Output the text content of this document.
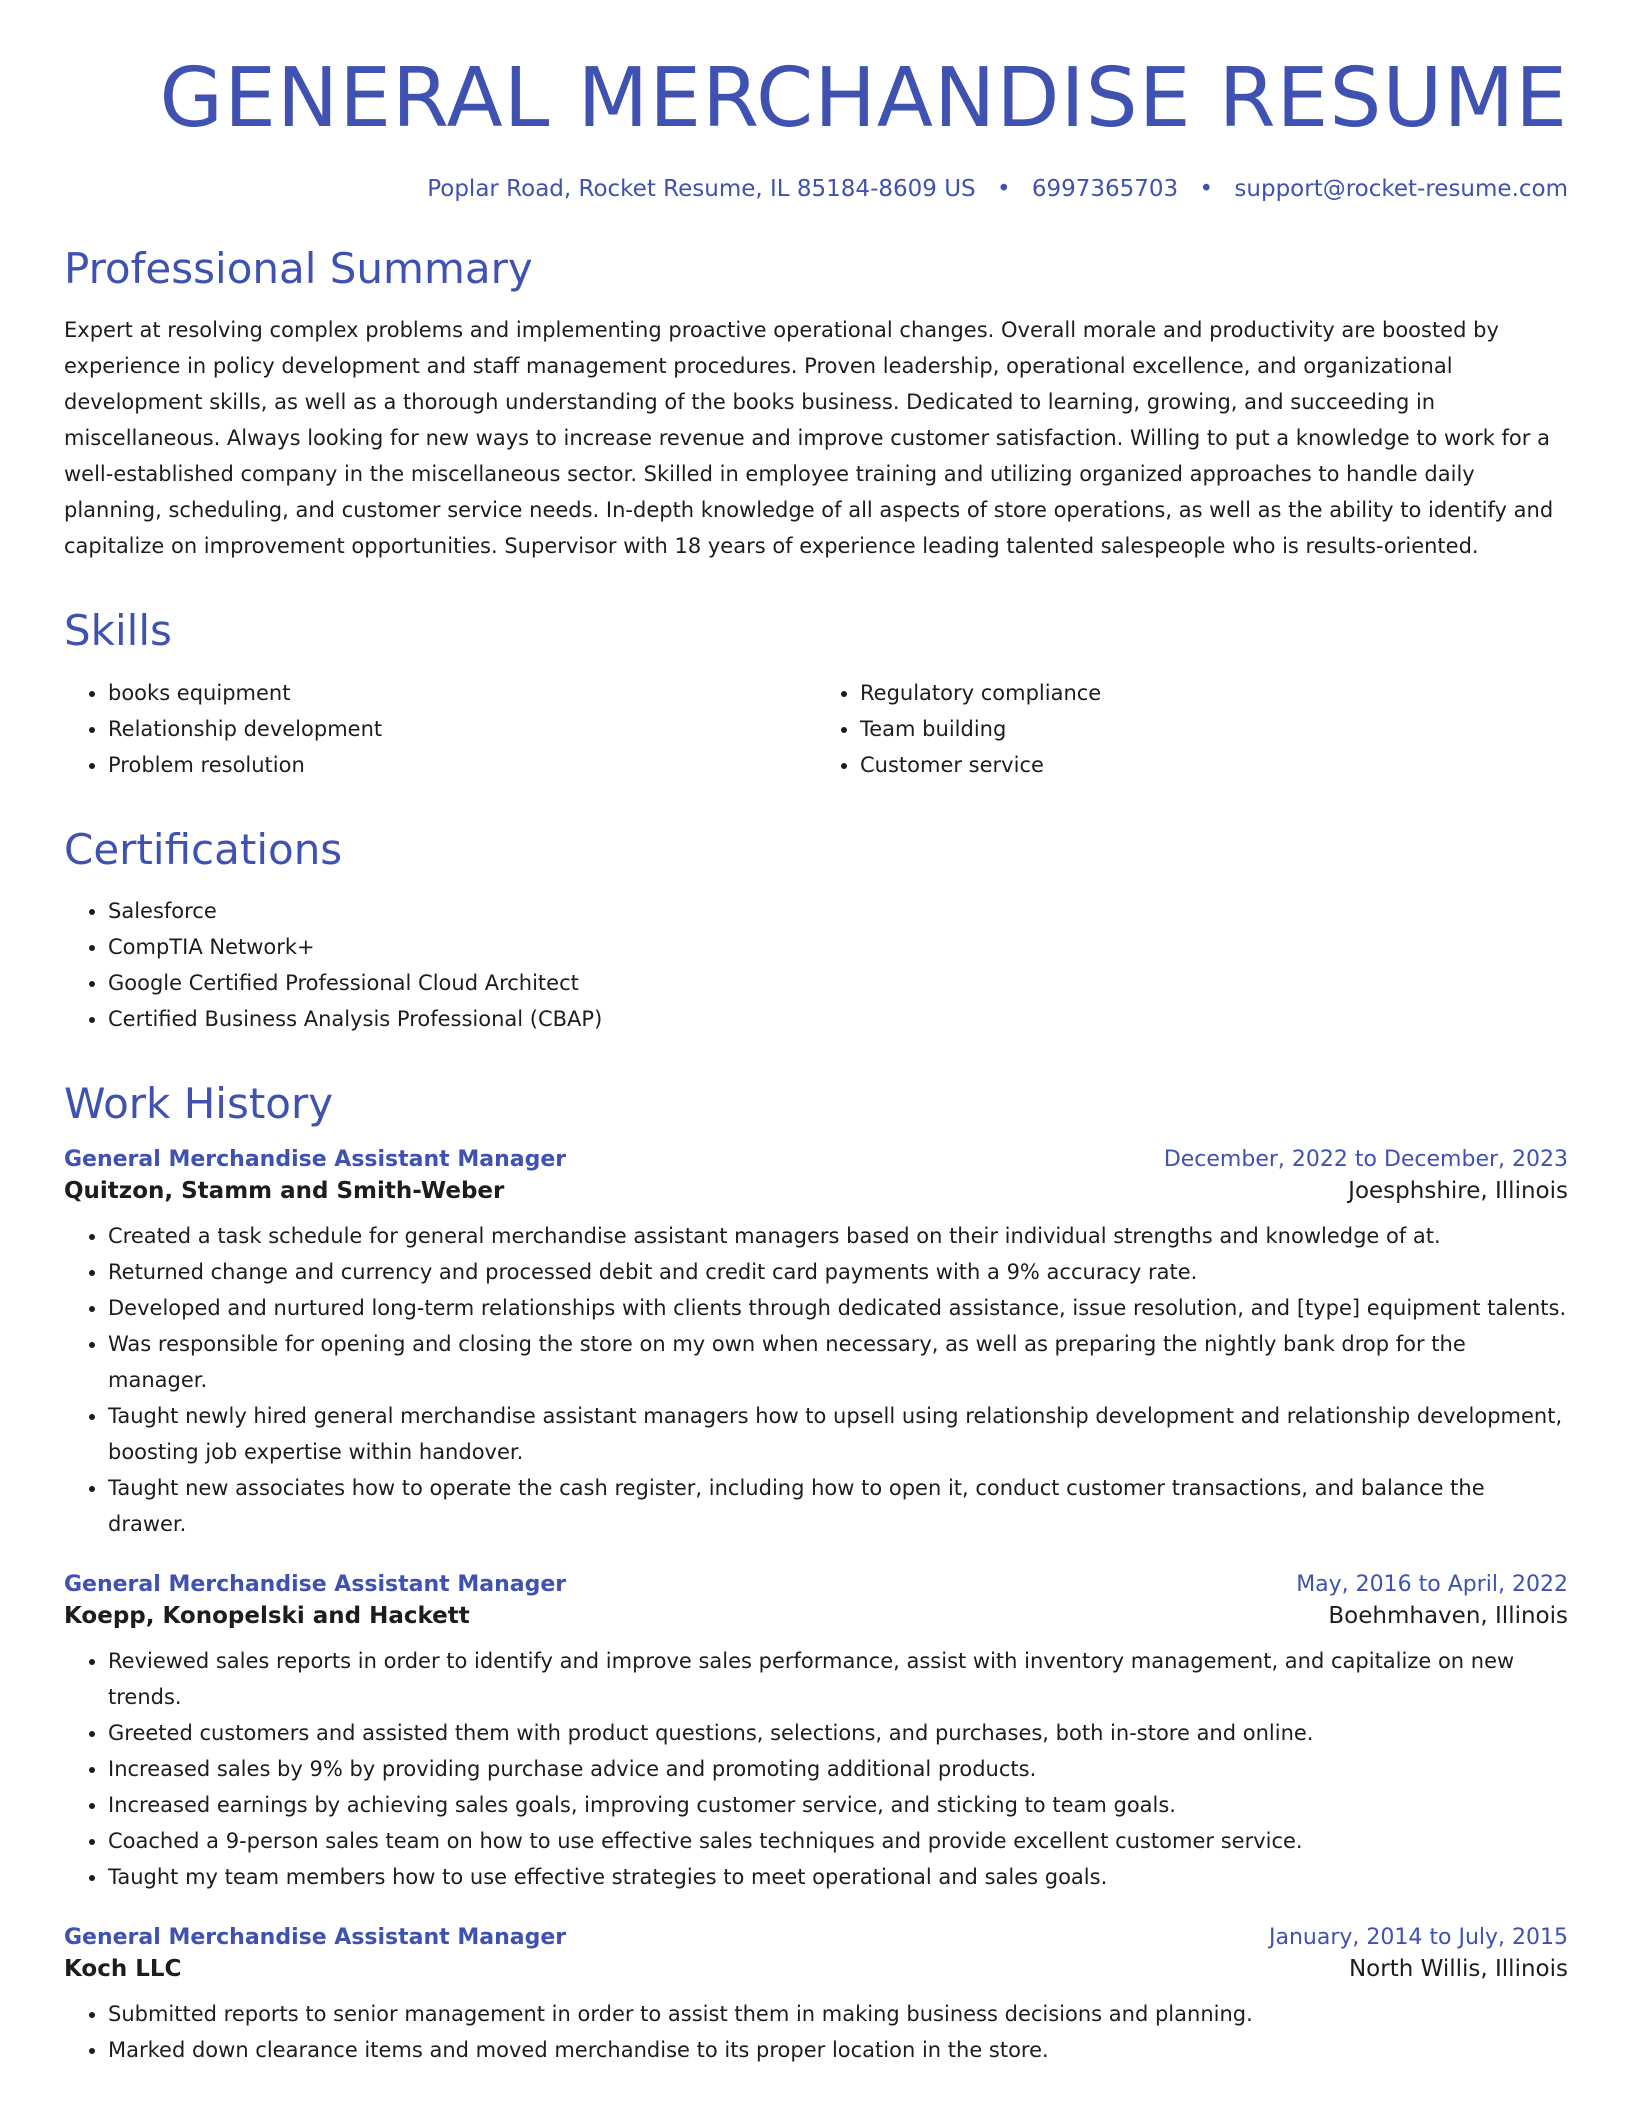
GENERAL MERCHANDISE RESUME
Poplar Road, Rocket Resume, IL 85184-8609 US • 6997365703 • support@rocket-resume.com
Professional Summary

Expert at resolving complex problems and implementing proactive operational changes. Overall morale and productivity are boosted by experience in policy development and staff management procedures. Proven leadership, operational excellence, and organizational development skills, as well as a thorough understanding of the books business. Dedicated to learning, growing, and succeeding in miscellaneous. Always looking for new ways to increase revenue and improve customer satisfaction. Willing to put a knowledge to work for a well-established company in the miscellaneous sector. Skilled in employee training and utilizing organized approaches to handle daily planning, scheduling, and customer service needs. In-depth knowledge of all aspects of store operations, as well as the ability to identify and capitalize on improvement opportunities. Supervisor with 18 years of experience leading talented salespeople who is results-oriented.

Skills
• books equipment
• Relationship development
• Problem resolution
• Regulatory compliance
• Team building
• Customer service
Certifications
• Salesforce
• CompTIA Network+
• Google Certified Professional Cloud Architect
• Certified Business Analysis Professional (CBAP)
Work History
General Merchandise Assistant Manager	December, 2022 to December, 2023
Quitzon, Stamm and Smith-Weber	Joesphshire, Illinois
• Created a task schedule for general merchandise assistant managers based on their individual strengths and knowledge of at.
• Returned change and currency and processed debit and credit card payments with a 9% accuracy rate.
• Developed and nurtured long-term relationships with clients through dedicated assistance, issue resolution, and [type] equipment talents.
• Was responsible for opening and closing the store on my own when necessary, as well as preparing the nightly bank drop for the manager.
• Taught newly hired general merchandise assistant managers how to upsell using relationship development and relationship development, boosting job expertise within handover.
• Taught new associates how to operate the cash register, including how to open it, conduct customer transactions, and balance the drawer.
General Merchandise Assistant Manager	May, 2016 to April, 2022
Koepp, Konopelski and Hackett	Boehmhaven, Illinois
• Reviewed sales reports in order to identify and improve sales performance, assist with inventory management, and capitalize on new trends.
• Greeted customers and assisted them with product questions, selections, and purchases, both in-store and online.
• Increased sales by 9% by providing purchase advice and promoting additional products.
• Increased earnings by achieving sales goals, improving customer service, and sticking to team goals.
• Coached a 9-person sales team on how to use effective sales techniques and provide excellent customer service.
• Taught my team members how to use effective strategies to meet operational and sales goals.
General Merchandise Assistant Manager	January, 2014 to July, 2015
Koch LLC	North Willis, Illinois
• Submitted reports to senior management in order to assist them in making business decisions and planning.
• Marked down clearance items and moved merchandise to its proper location in the store.
